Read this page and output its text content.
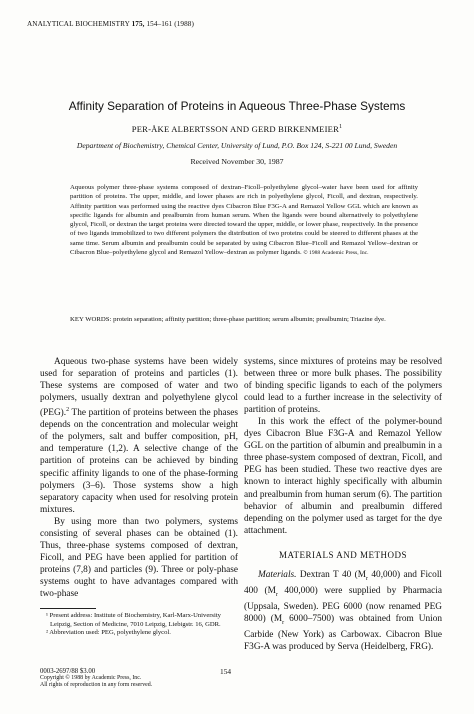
ANALYTICAL BIOCHEMISTRY 175, 154–161 (1988)
Affinity Separation of Proteins in Aqueous Three-Phase Systems
PER-ÅKE ALBERTSSON AND GERD BIRKENMEIER$^1$
Department of Biochemistry, Chemical Center, University of Lund, P.O. Box 124, S-221 00 Lund, Sweden
Received November 30, 1987
Aqueous polymer three-phase systems composed of dextran–Ficoll–polyethylene glycol–water have been used for affinity partition of proteins. The upper, middle, and lower phases are rich in polyethylene glycol, Ficoll, and dextran, respectively. Affinity partition was performed using the reactive dyes Cibacron Blue F3G-A and Remazol Yellow GGL which are known as specific ligands for albumin and prealbumin from human serum. When the ligands were bound alternatively to polyethylene glycol, Ficoll, or dextran the target proteins were directed toward the upper, middle, or lower phase, respectively. In the presence of two ligands immobilized to two different polymers the distribution of two proteins could be steered to different phases at the same time. Serum albumin and prealbumin could be separated by using Cibacron Blue–Ficoll and Remazol Yellow–dextran or Cibacron Blue–polyethylene glycol and Remazol Yellow–dextran as polymer ligands. © 1988 Academic Press, Inc.
KEY WORDS: protein separation; affinity partition; three-phase partition; serum albumin; prealbumin; Triazine dye.

Aqueous two-phase systems have been widely used for separation of proteins and particles (1). These systems are composed of water and two polymers, usually dextran and polyethylene glycol (PEG).$^2$ The partition of proteins between the phases depends on the concentration and molecular weight of the polymers, salt and buffer composition, pH, and temperature (1,2). A selective change of the partition of proteins can be achieved by binding specific affinity ligands to one of the phase-forming polymers (3–6). Those systems show a high separatory capacity when used for resolving protein mixtures.

By using more than two polymers, systems consisting of several phases can be obtained (1). Thus, three-phase systems composed of dextran, Ficoll, and PEG have been applied for partition of proteins (7,8) and particles (9). Three or poly-phase systems ought to have advantages compared with two-phase

systems, since mixtures of proteins may be resolved between three or more bulk phases. The possibility of binding specific ligands to each of the polymers could lead to a further increase in the selectivity of partition of proteins.

In this work the effect of the polymer-bound dyes Cibacron Blue F3G-A and Remazol Yellow GGL on the partition of albumin and prealbumin in a three phase-system composed of dextran, Ficoll, and PEG has been studied. These two reactive dyes are known to interact highly specifically with albumin and prealbumin from human serum (6). The partition behavior of albumin and prealbumin differed depending on the polymer used as target for the dye attachment.

MATERIALS AND METHODS

Materials. Dextran T 40 ($M_r$ 40,000) and Ficoll 400 ($M_r$ 400,000) were supplied by Pharmacia (Uppsala, Sweden). PEG 6000 (now renamed PEG 8000) ($M_r$ 6000–7500) was obtained from Union Carbide (New York) as Carbowax. Cibacron Blue F3G-A was produced by Serva (Heidelberg, FRG).

¹ Present address: Institute of Biochemistry, Karl-Marx-University Leipzig, Section of Medicine, 7010 Leipzig, Liebigstr. 16, GDR.

² Abbreviation used: PEG, polyethylene glycol.

0003-2697/88 $3.00
Copyright © 1988 by Academic Press, Inc.
All rights of reproduction in any form reserved.
154
